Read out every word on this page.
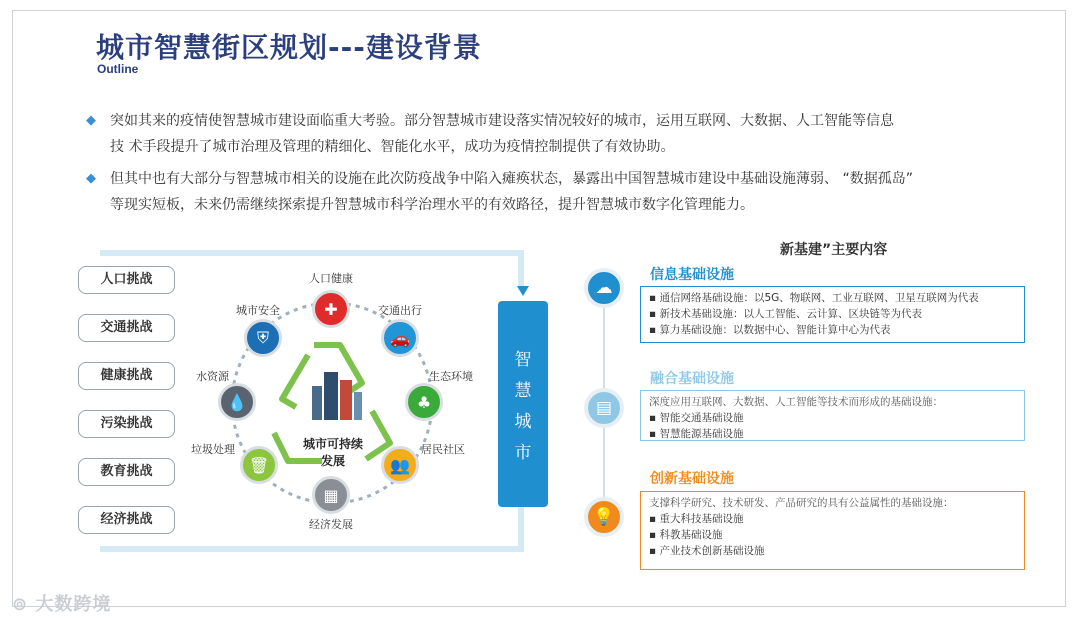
城市智慧街区规划---建设背景
Outline
◆ 突如其来的疫情使智慧城市建设面临重大考验。部分智慧城市建设落实情况较好的城市，运用互联网、大数据、人工智能等信息
技 术手段提升了城市治理及管理的精细化、智能化水平，成功为疫情控制提供了有效协助。
◆ 但其中也有大部分与智慧城市相关的设施在此次防疫战争中陷入瘫痪状态，暴露出中国智慧城市建设中基础设施薄弱、 “数据孤岛”
等现实短板，未来仍需继续探索提升智慧城市科学治理水平的有效路径，提升智慧城市数字化管理能力。
人口挑战
交通挑战
健康挑战
污染挑战
教育挑战
经济挑战
城市可持续发展
✚
人口健康
🚗
交通出行
♣
生态环境
👥
居民社区
▦
经济发展
🗑
垃圾处理
💧
水资源
⛨
城市安全
智
慧
城
市
新基建”主要内容
☁
信息基础设施
▪ 通信网络基础设施：以5G、物联网、工业互联网、卫星互联网为代表
▪ 新技术基础设施：以人工智能、云计算、区块链等为代表
▪ 算力基础设施：以数据中心、智能计算中心为代表
▤
融合基础设施
深度应用互联网、大数据、人工智能等技术而形成的基础设施：
▪ 智能交通基础设施
▪ 智慧能源基础设施
💡
创新基础设施
支撑科学研究、技术研发、产品研究的具有公益属性的基础设施：
▪ 重大科技基础设施
▪ 科教基础设施
▪ 产业技术创新基础设施
⊚ 大数跨境
